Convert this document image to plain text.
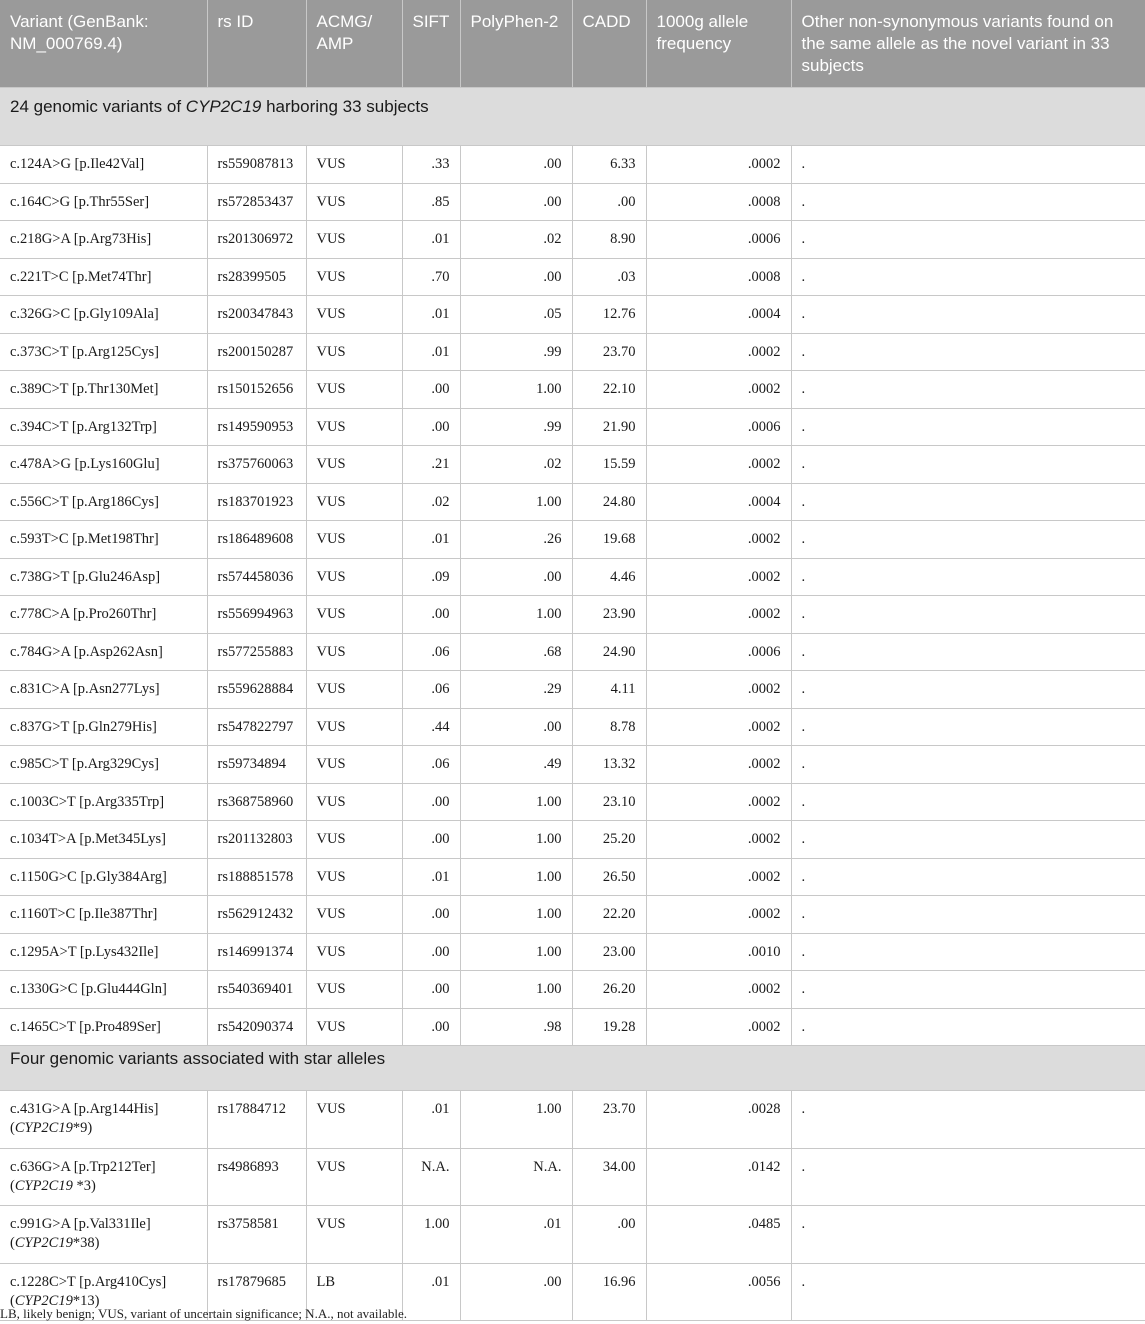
Variant (GenBank: NM_000769.4)	rs ID	ACMG/ AMP	SIFT	PolyPhen-2	CADD	1000g allele frequency	Other non-synonymous variants found on the same allele as the novel variant in 33 subjects
24 genomic variants of CYP2C19 harboring 33 subjects							
c.124A>G [p.Ile42Val]	rs559087813	VUS	.33	.00	6.33	.0002	.
c.164C>G [p.Thr55Ser]	rs572853437	VUS	.85	.00	.00	.0008	.
c.218G>A [p.Arg73His]	rs201306972	VUS	.01	.02	8.90	.0006	.
c.221T>C [p.Met74Thr]	rs28399505	VUS	.70	.00	.03	.0008	.
c.326G>C [p.Gly109Ala]	rs200347843	VUS	.01	.05	12.76	.0004	.
c.373C>T [p.Arg125Cys]	rs200150287	VUS	.01	.99	23.70	.0002	.
c.389C>T [p.Thr130Met]	rs150152656	VUS	.00	1.00	22.10	.0002	.
c.394C>T [p.Arg132Trp]	rs149590953	VUS	.00	.99	21.90	.0006	.
c.478A>G [p.Lys160Glu]	rs375760063	VUS	.21	.02	15.59	.0002	.
c.556C>T [p.Arg186Cys]	rs183701923	VUS	.02	1.00	24.80	.0004	.
c.593T>C [p.Met198Thr]	rs186489608	VUS	.01	.26	19.68	.0002	.
c.738G>T [p.Glu246Asp]	rs574458036	VUS	.09	.00	4.46	.0002	.
c.778C>A [p.Pro260Thr]	rs556994963	VUS	.00	1.00	23.90	.0002	.
c.784G>A [p.Asp262Asn]	rs577255883	VUS	.06	.68	24.90	.0006	.
c.831C>A [p.Asn277Lys]	rs559628884	VUS	.06	.29	4.11	.0002	.
c.837G>T [p.Gln279His]	rs547822797	VUS	.44	.00	8.78	.0002	.
c.985C>T [p.Arg329Cys]	rs59734894	VUS	.06	.49	13.32	.0002	.
c.1003C>T [p.Arg335Trp]	rs368758960	VUS	.00	1.00	23.10	.0002	.
c.1034T>A [p.Met345Lys]	rs201132803	VUS	.00	1.00	25.20	.0002	.
c.1150G>C [p.Gly384Arg]	rs188851578	VUS	.01	1.00	26.50	.0002	.
c.1160T>C [p.Ile387Thr]	rs562912432	VUS	.00	1.00	22.20	.0002	.
c.1295A>T [p.Lys432Ile]	rs146991374	VUS	.00	1.00	23.00	.0010	.
c.1330G>C [p.Glu444Gln]	rs540369401	VUS	.00	1.00	26.20	.0002	.
c.1465C>T [p.Pro489Ser]	rs542090374	VUS	.00	.98	19.28	.0002	.
Four genomic variants associated with star alleles							
c.431G>A [p.Arg144His]
(CYP2C19*9)	rs17884712	VUS	.01	1.00	23.70	.0028	.
c.636G>A [p.Trp212Ter]
(CYP2C19 *3)	rs4986893	VUS	N.A.	N.A.	34.00	.0142	.
c.991G>A [p.Val331Ile]
(CYP2C19*38)	rs3758581	VUS	1.00	.01	.00	.0485	.
c.1228C>T [p.Arg410Cys]
(CYP2C19*13)	rs17879685	LB	.01	.00	16.96	.0056	.
LB, likely benign; VUS, variant of uncertain significance; N.A., not available.
